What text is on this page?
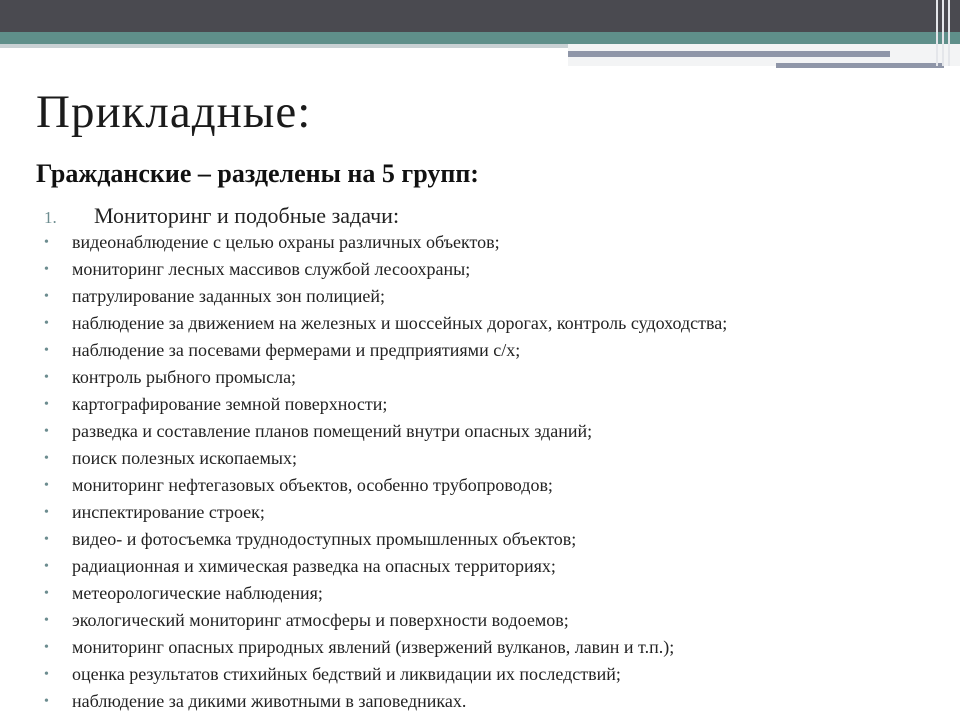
Прикладные:
Гражданские – разделены на 5 групп:
1. Мониторинг и подобные задачи:
• видеонаблюдение с целью охраны различных объектов;
• мониторинг лесных массивов службой лесоохраны;
• патрулирование заданных зон полицией;
• наблюдение за движением на железных и шоссейных дорогах, контроль судоходства;
• наблюдение за посевами фермерами и предприятиями с/х;
• контроль рыбного промысла;
• картографирование земной поверхности;
• разведка и составление планов помещений внутри опасных зданий;
• поиск полезных ископаемых;
• мониторинг нефтегазовых объектов, особенно трубопроводов;
• инспектирование строек;
• видео- и фотосъемка труднодоступных промышленных объектов;
• радиационная и химическая разведка на опасных территориях;
• метеорологические наблюдения;
• экологический мониторинг атмосферы и поверхности водоемов;
• мониторинг опасных природных явлений (извержений вулканов, лавин и т.п.);
• оценка результатов стихийных бедствий и ликвидации их последствий;
• наблюдение за дикими животными в заповедниках.
